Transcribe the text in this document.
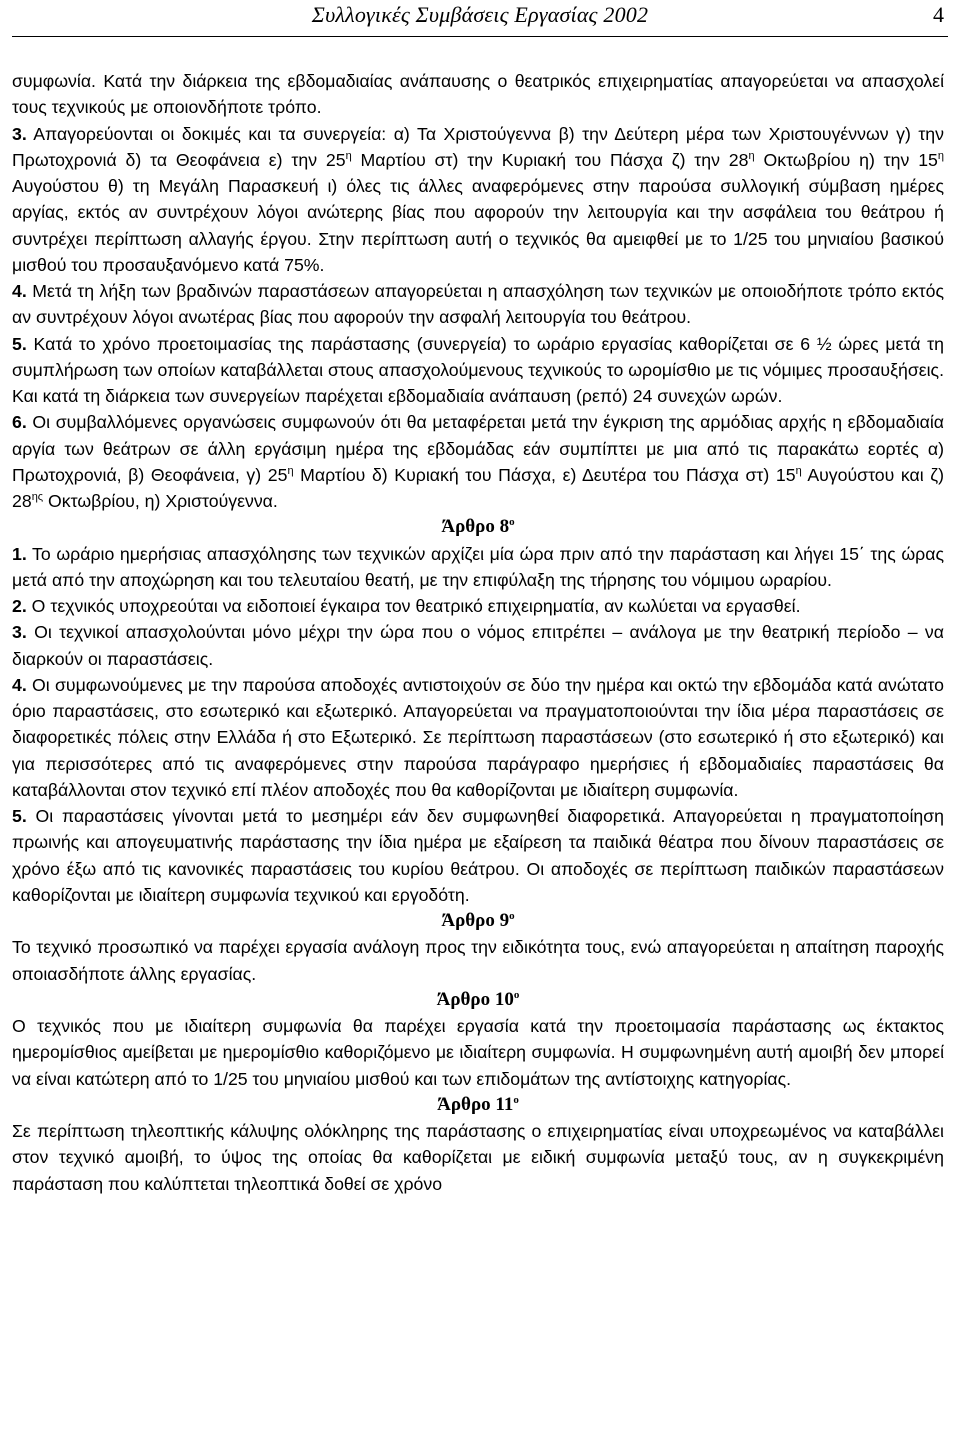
Συλλογικές Συμβάσεις Εργασίας 2002	4

συμφωνία. Κατά την διάρκεια της εβδομαδιαίας ανάπαυσης ο θεατρικός επιχειρηματίας απαγορεύεται να απασχολεί τους τεχνικούς με οποιονδήποτε τρόπο.

3. Απαγορεύονται οι δοκιμές και τα συνεργεία: α) Τα Χριστούγεννα β) την Δεύτερη μέρα των Χριστουγέννων γ) την Πρωτοχρονιά δ) τα Θεοφάνεια ε) την $25^\eta$ Μαρτίου στ) την Κυριακή του Πάσχα ζ) την $28^\eta$ Οκτωβρίου η) την $15^\eta$ Αυγούστου θ) τη Μεγάλη Παρασκευή ι) όλες τις άλλες αναφερόμενες στην παρούσα συλλογική σύμβαση ημέρες αργίας, εκτός αν συντρέχουν λόγοι ανώτερης βίας που αφορούν την λειτουργία και την ασφάλεια του θεάτρου ή συντρέχει περίπτωση αλλαγής έργου. Στην περίπτωση αυτή ο τεχνικός θα αμειφθεί με το 1/25 του μηνιαίου βασικού μισθού του προσαυξανόμενο κατά 75%.

4. Μετά τη λήξη των βραδινών παραστάσεων απαγορεύεται η απασχόληση των τεχνικών με οποιοδήποτε τρόπο εκτός αν συντρέχουν λόγοι ανωτέρας βίας που αφορούν την ασφαλή λειτουργία του θεάτρου.

5. Κατά το χρόνο προετοιμασίας της παράστασης (συνεργεία) το ωράριο εργασίας καθορίζεται σε 6 ½ ώρες μετά τη συμπλήρωση των οποίων καταβάλλεται στους απασχολούμενους τεχνικούς το ωρομίσθιο με τις νόμιμες προσαυξήσεις. Και κατά τη διάρκεια των συνεργείων παρέχεται εβδομαδιαία ανάπαυση (ρεπό) 24 συνεχών ωρών.

6. Οι συμβαλλόμενες οργανώσεις συμφωνούν ότι θα μεταφέρεται μετά την έγκριση της αρμόδιας αρχής η εβδομαδιαία αργία των θεάτρων σε άλλη εργάσιμη ημέρα της εβδομάδας εάν συμπίπτει με μια από τις παρακάτω εορτές α) Πρωτοχρονιά, β) Θεοφάνεια, γ) $25^\eta$ Μαρτίου δ) Κυριακή του Πάσχα, ε) Δευτέρα του Πάσχα στ) $15^\eta$ Αυγούστου και ζ) $28^{\eta\varsigma}$ Οκτωβρίου, η) Χριστούγεννα.

Άρθρο $8^o$

1. Το ωράριο ημερήσιας απασχόλησης των τεχνικών αρχίζει μία ώρα πριν από την παράσταση και λήγει 15΄ της ώρας μετά από την αποχώρηση και του τελευταίου θεατή, με την επιφύλαξη της τήρησης του νόμιμου ωραρίου.

2. Ο τεχνικός υποχρεούται να ειδοποιεί έγκαιρα τον θεατρικό επιχειρηματία, αν κωλύεται να εργασθεί.

3. Οι τεχνικοί απασχολούνται μόνο μέχρι την ώρα που ο νόμος επιτρέπει – ανάλογα με την θεατρική περίοδο – να διαρκούν οι παραστάσεις.

4. Οι συμφωνούμενες με την παρούσα αποδοχές αντιστοιχούν σε δύο την ημέρα και οκτώ την εβδομάδα κατά ανώτατο όριο παραστάσεις, στο εσωτερικό και εξωτερικό. Απαγορεύεται να πραγματοποιούνται την ίδια μέρα παραστάσεις σε διαφορετικές πόλεις στην Ελλάδα ή στο Εξωτερικό. Σε περίπτωση παραστάσεων (στο εσωτερικό ή στο εξωτερικό) και για περισσότερες από τις αναφερόμενες στην παρούσα παράγραφο ημερήσιες ή εβδομαδιαίες παραστάσεις θα καταβάλλονται στον τεχνικό επί πλέον αποδοχές που θα καθορίζονται με ιδιαίτερη συμφωνία.

5. Οι παραστάσεις γίνονται μετά το μεσημέρι εάν δεν συμφωνηθεί διαφορετικά. Απαγορεύεται η πραγματοποίηση πρωινής και απογευματινής παράστασης την ίδια ημέρα με εξαίρεση τα παιδικά θέατρα που δίνουν παραστάσεις σε χρόνο έξω από τις κανονικές παραστάσεις του κυρίου θεάτρου. Οι αποδοχές σε περίπτωση παιδικών παραστάσεων καθορίζονται με ιδιαίτερη συμφωνία τεχνικού και εργοδότη.

Άρθρο $9^o$

Το τεχνικό προσωπικό να παρέχει εργασία ανάλογη προς την ειδικότητα τους, ενώ απαγορεύεται η απαίτηση παροχής οποιασδήποτε άλλης εργασίας.

Άρθρο $10^o$

Ο τεχνικός που με ιδιαίτερη συμφωνία θα παρέχει εργασία κατά την προετοιμασία παράστασης ως έκτακτος ημερομίσθιος αμείβεται με ημερομίσθιο καθοριζόμενο με ιδιαίτερη συμφωνία. Η συμφωνημένη αυτή αμοιβή δεν μπορεί να είναι κατώτερη από το 1/25 του μηνιαίου μισθού και των επιδομάτων της αντίστοιχης κατηγορίας.

Άρθρο $11^o$

Σε περίπτωση τηλεοπτικής κάλυψης ολόκληρης της παράστασης ο επιχειρηματίας είναι υποχρεωμένος να καταβάλλει στον τεχνικό αμοιβή, το ύψος της οποίας θα καθορίζεται με ειδική συμφωνία μεταξύ τους, αν η συγκεκριμένη παράσταση που καλύπτεται τηλεοπτικά δοθεί σε χρόνο
